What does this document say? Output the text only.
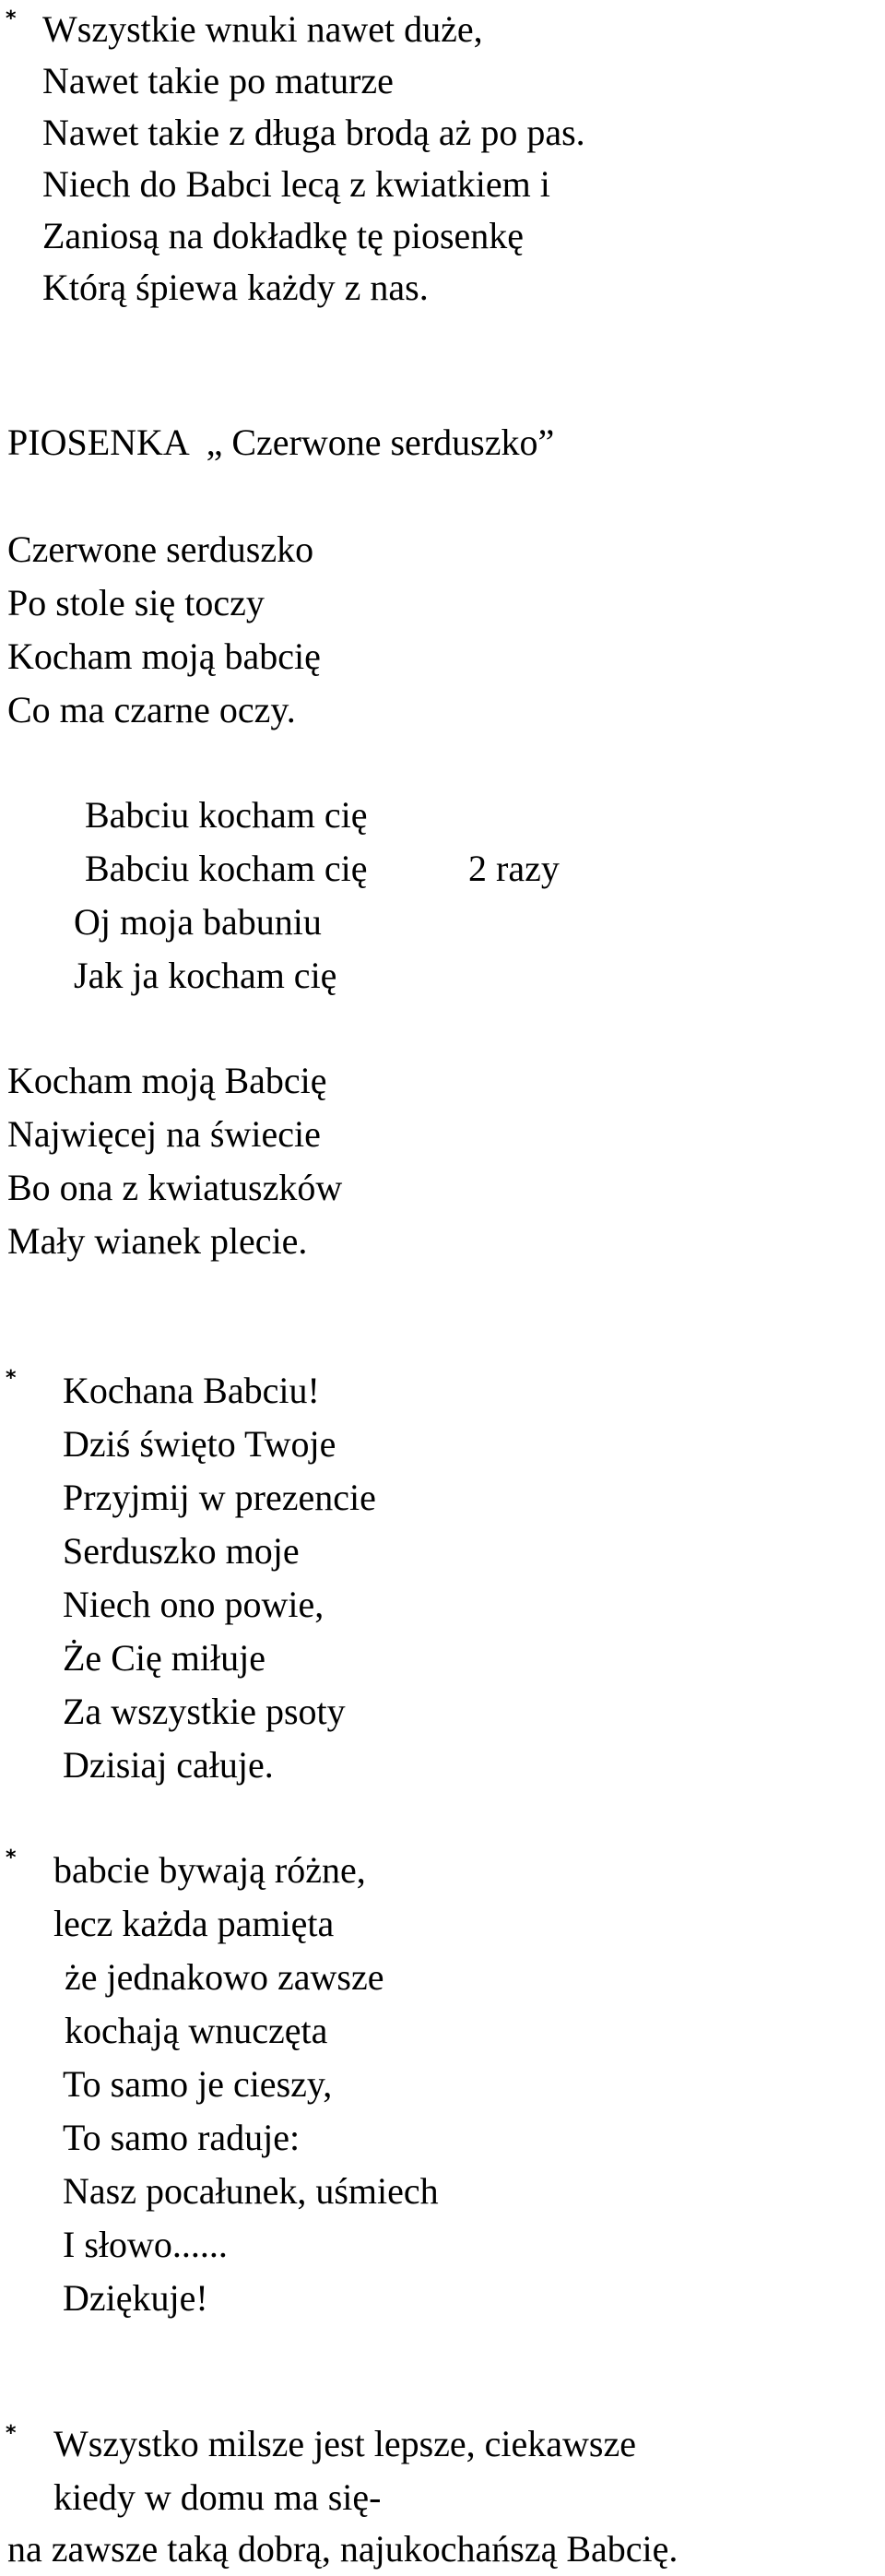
* Wszystkie wnuki nawet duże,

Nawet takie po maturze

Nawet takie z długa brodą aż po pas.

Niech do Babci lecą z kwiatkiem i

Zaniosą na dokładkę tę piosenkę

Którą śpiewa każdy z nas.

PIOSENKA  „ Czerwone serduszko”

Czerwone serduszko

Po stole się toczy

Kocham moją babcię

Co ma czarne oczy.

Babciu kocham cię

Babciu kocham cię	2 razy

Oj moja babuniu

Jak ja kocham cię

Kocham moją Babcię

Najwięcej na świecie

Bo ona z kwiatuszków

Mały wianek plecie.

* Kochana Babciu!

Dziś święto Twoje

Przyjmij w prezencie

Serduszko moje

Niech ono powie,

Że Cię miłuje

Za wszystkie psoty

Dzisiaj całuje.

* babcie bywają różne,

lecz każda pamięta

że jednakowo zawsze

kochają wnuczęta

To samo je cieszy,

To samo raduje:

Nasz pocałunek, uśmiech

I słowo......

Dziękuje!

* Wszystko milsze jest lepsze, ciekawsze

kiedy w domu ma się-

na zawsze taką dobrą, najukochańszą Babcię.
